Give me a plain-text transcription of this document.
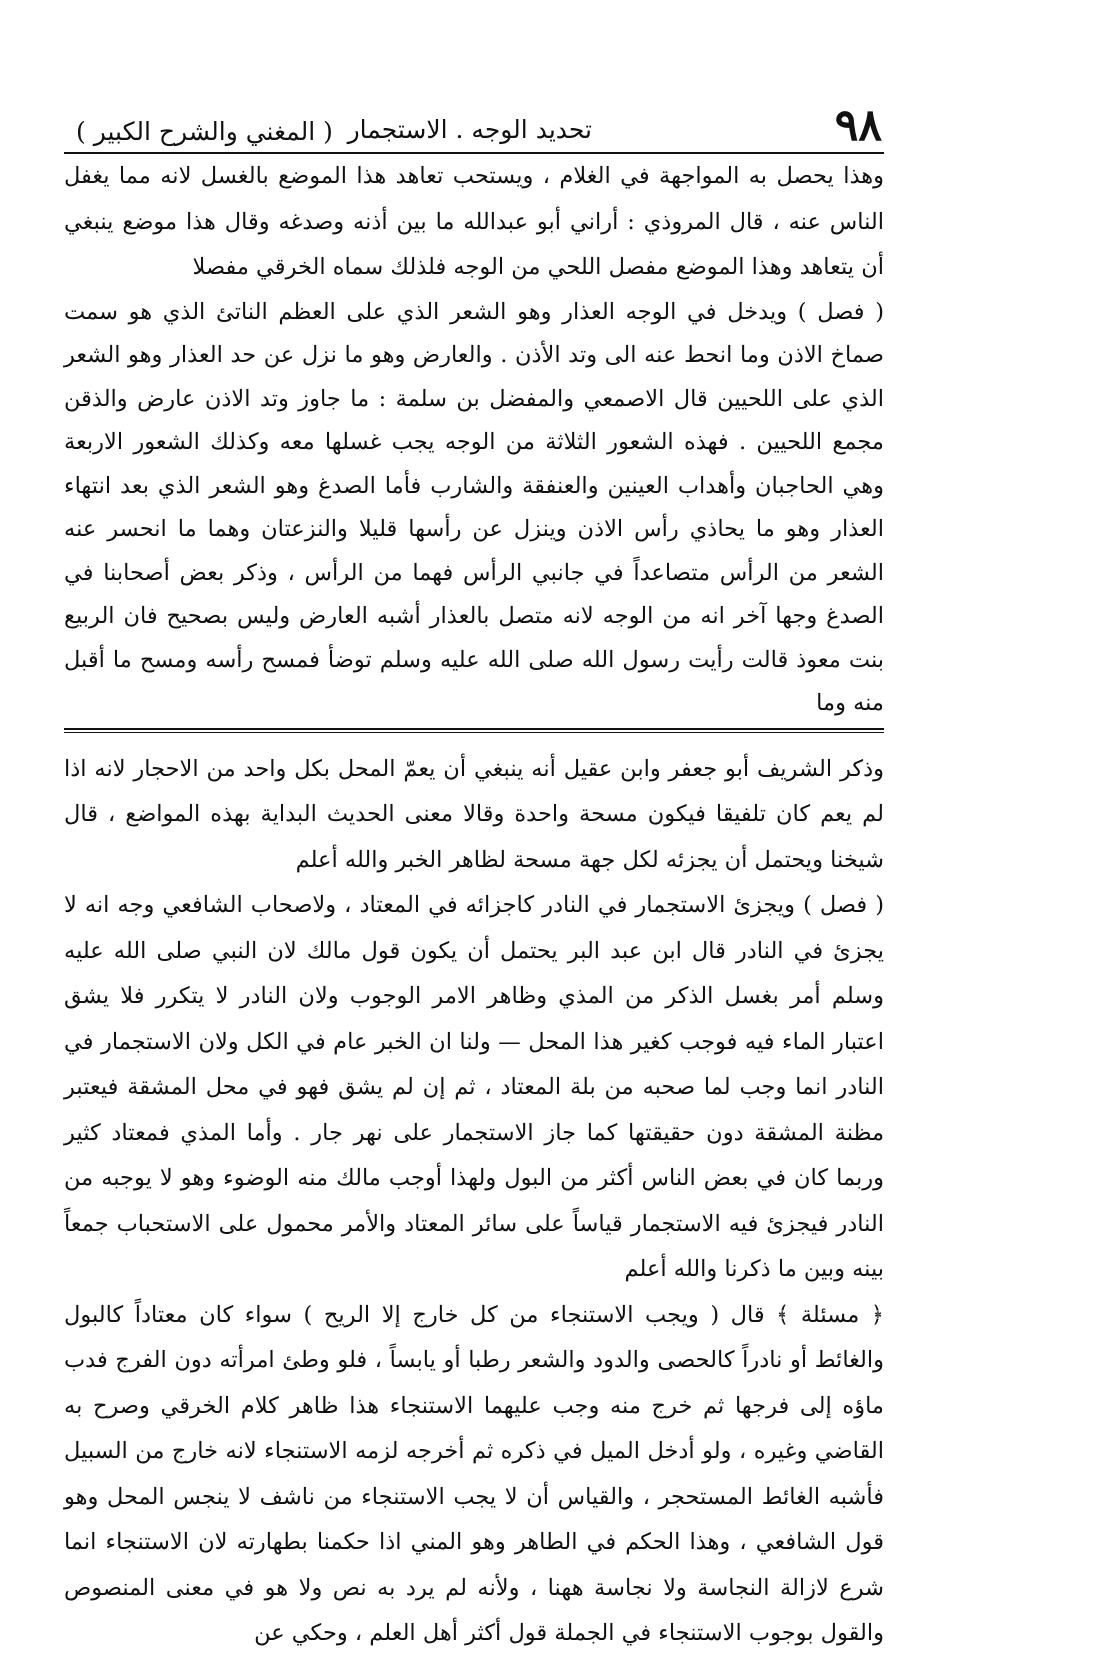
٩٨
تحديد الوجه . الاستجمار
( المغني والشرح الكبير )

وهذا يحصل به المواجهة في الغلام ، ويستحب تعاهد هذا الموضع بالغسل لانه مما يغفل الناس عنه ، قال المروذي : أراني أبو عبدالله ما بين أذنه وصدغه وقال هذا موضع ينبغي أن يتعاهد وهذا الموضع مفصل اللحي من الوجه فلذلك سماه الخرقي مفصلا

( فصل ) ويدخل في الوجه العذار وهو الشعر الذي على العظم الناتئ الذي هو سمت صماخ الاذن وما انحط عنه الى وتد الأذن . والعارض وهو ما نزل عن حد العذار وهو الشعر الذي على اللحيين قال الاصمعي والمفضل بن سلمة : ما جاوز وتد الاذن عارض والذقن مجمع اللحيين . فهذه الشعور الثلاثة من الوجه يجب غسلها معه وكذلك الشعور الاربعة وهي الحاجبان وأهداب العينين والعنفقة والشارب فأما الصدغ وهو الشعر الذي بعد انتهاء العذار وهو ما يحاذي رأس الاذن وينزل عن رأسها قليلا والنزعتان وهما ما انحسر عنه الشعر من الرأس متصاعداً في جانبي الرأس فهما من الرأس ، وذكر بعض أصحابنا في الصدغ وجها آخر انه من الوجه لانه متصل بالعذار أشبه العارض وليس بصحيح فان الربيع بنت معوذ قالت رأيت رسول الله صلى الله عليه وسلم توضأ فمسح رأسه ومسح ما أقبل منه وما

وذكر الشريف أبو جعفر وابن عقيل أنه ينبغي أن يعمّ المحل بكل واحد من الاحجار لانه اذا لم يعم كان تلفيقا فيكون مسحة واحدة وقالا معنى الحديث البداية بهذه المواضع ، قال شيخنا ويحتمل أن يجزئه لكل جهة مسحة لظاهر الخبر والله أعلم

( فصل ) ويجزئ الاستجمار في النادر كاجزائه في المعتاد ، ولاصحاب الشافعي وجه انه لا يجزئ في النادر قال ابن عبد البر يحتمل أن يكون قول مالك لان النبي صلى الله عليه وسلم أمر بغسل الذكر من المذي وظاهر الامر الوجوب ولان النادر لا يتكرر فلا يشق اعتبار الماء فيه فوجب كغير هذا المحل — ولنا ان الخبر عام في الكل ولان الاستجمار في النادر انما وجب لما صحبه من بلة المعتاد ، ثم إن لم يشق فهو في محل المشقة فيعتبر مظنة المشقة دون حقيقتها كما جاز الاستجمار على نهر جار . وأما المذي فمعتاد كثير وربما كان في بعض الناس أكثر من البول ولهذا أوجب مالك منه الوضوء وهو لا يوجبه من النادر فيجزئ فيه الاستجمار قياساً على سائر المعتاد والأمر محمول على الاستحباب جمعاً بينه وبين ما ذكرنا والله أعلم

﴿ مسئلة ﴾ قال ( ويجب الاستنجاء من كل خارج إلا الريح ) سواء كان معتاداً كالبول والغائط أو نادراً كالحصى والدود والشعر رطبا أو يابساً ، فلو وطئ امرأته دون الفرج فدب ماؤه إلى فرجها ثم خرج منه وجب عليهما الاستنجاء هذا ظاهر كلام الخرقي وصرح به القاضي وغيره ، ولو أدخل الميل في ذكره ثم أخرجه لزمه الاستنجاء لانه خارج من السبيل فأشبه الغائط المستحجر ، والقياس أن لا يجب الاستنجاء من ناشف لا ينجس المحل وهو قول الشافعي ، وهذا الحكم في الطاهر وهو المني اذا حكمنا بطهارته لان الاستنجاء انما شرع لازالة النجاسة ولا نجاسة ههنا ، ولأنه لم يرد به نص ولا هو في معنى المنصوص والقول بوجوب الاستنجاء في الجملة قول أكثر أهل العلم ، وحكي عن
